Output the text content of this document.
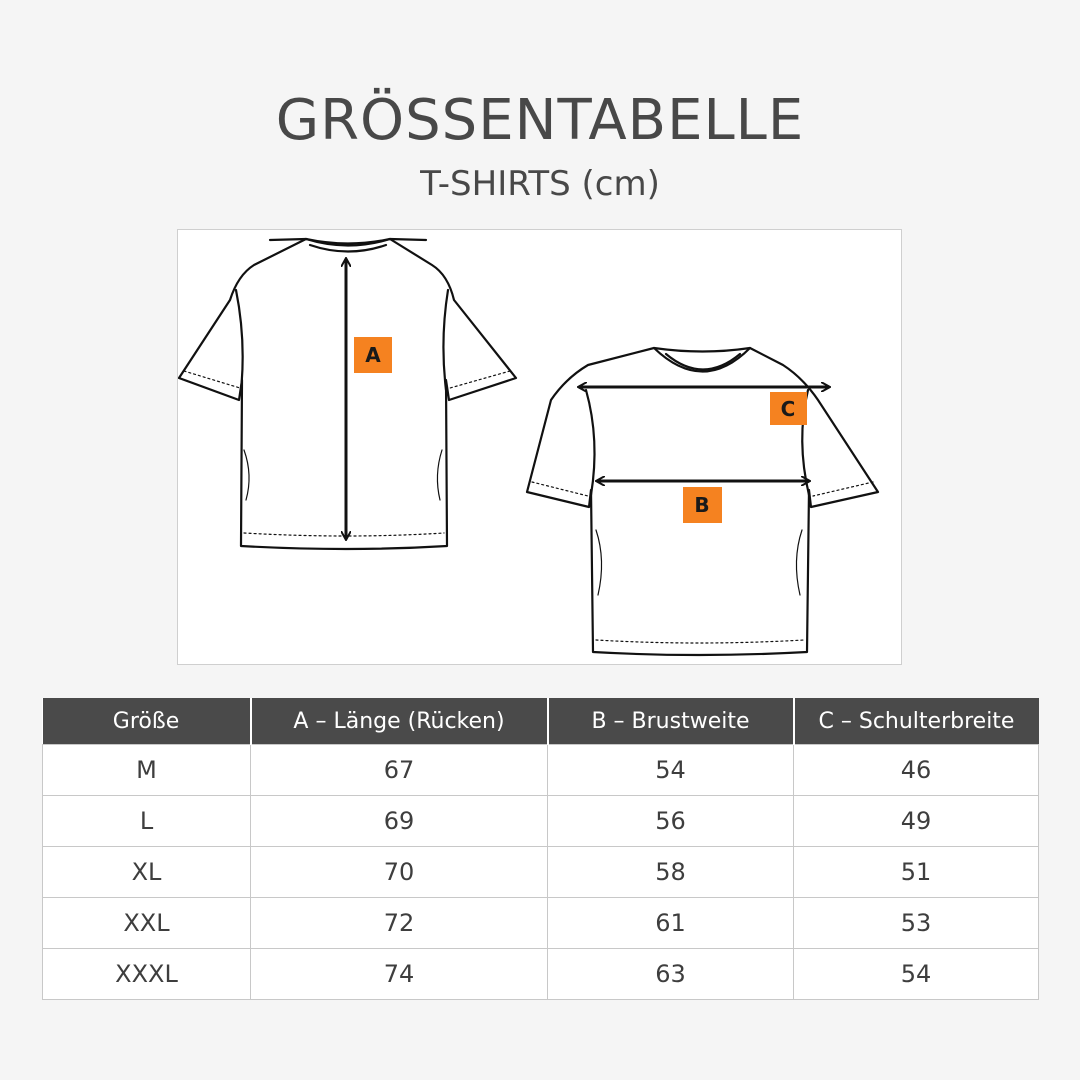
GRÖSSENTABELLE
T-SHIRTS (cm)
A
C
B
Größe	A – Länge (Rücken)	B – Brustweite	C – Schulterbreite
M	67	54	46
L	69	56	49
XL	70	58	51
XXL	72	61	53
XXXL	74	63	54
